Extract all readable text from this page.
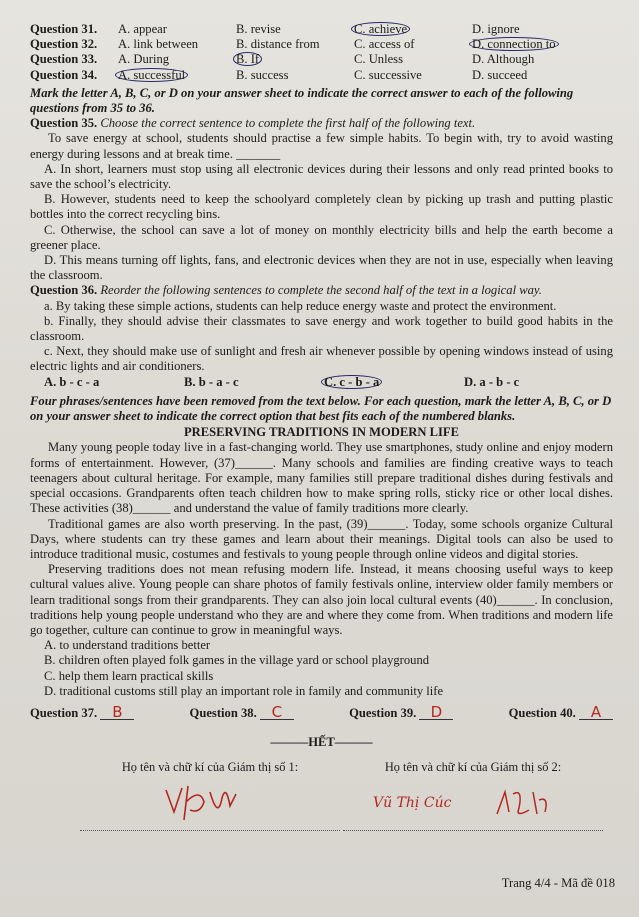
Question 31.	A. appear	B. revise	C. achieve	D. ignore
Question 32.	A. link between	B. distance from	C. access of	D. connection to
Question 33.	A. During	B. If	C. Unless	D. Although
Question 34.	A. successful	B. success	C. successive	D. succeed

Mark the letter A, B, C, or D on your answer sheet to indicate the correct answer to each of the following questions from 35 to 36.

Question 35. Choose the correct sentence to complete the first half of the following text.

To save energy at school, students should practise a few simple habits. To begin with, try to avoid wasting energy during lessons and at break time. _______

A. In short, learners must stop using all electronic devices during their lessons and only read printed books to save the school’s electricity.

B. However, students need to keep the schoolyard completely clean by picking up trash and putting plastic bottles into the correct recycling bins.

C. Otherwise, the school can save a lot of money on monthly electricity bills and help the earth become a greener place.

D. This means turning off lights, fans, and electronic devices when they are not in use, especially when leaving the classroom.

Question 36. Reorder the following sentences to complete the second half of the text in a logical way.

a. By taking these simple actions, students can help reduce energy waste and protect the environment.

b. Finally, they should advise their classmates to save energy and work together to build good habits in the classroom.

c. Next, they should make use of sunlight and fresh air whenever possible by opening windows instead of using electric lights and air conditioners.

A. b - c - a	B. b - a - c	C. c - b - a	D. a - b - c

Four phrases/sentences have been removed from the text below. For each question, mark the letter A, B, C, or D on your answer sheet to indicate the correct option that best fits each of the numbered blanks.

PRESERVING TRADITIONS IN MODERN LIFE

Many young people today live in a fast-changing world. They use smartphones, study online and enjoy modern forms of entertainment. However, (37)______. Many schools and families are finding creative ways to teach teenagers about cultural heritage. For example, many families still prepare traditional dishes during festivals and special occasions. Grandparents often teach children how to make spring rolls, sticky rice or other local dishes. These activities (38)______ and understand the value of family traditions more clearly.

Traditional games are also worth preserving. In the past, (39)______. Today, some schools organize Cultural Days, where students can try these games and learn about their meanings. Digital tools can also be used to introduce traditional music, costumes and festivals to young people through online videos and digital stories.

Preserving traditions does not mean refusing modern life. Instead, it means choosing useful ways to keep cultural values alive. Young people can share photos of family festivals online, interview older family members or learn traditional songs from their grandparents. They can also join local cultural events (40)______. In conclusion, traditions help young people understand who they are and where they come from. When traditions and modern life go together, culture can continue to grow in meaningful ways.

A. to understand traditions better

B. children often played folk games in the village yard or school playground

C. help them learn practical skills

D. traditional customs still play an important role in family and community life

Question 37. B	Question 38. C	Question 39. D	Question 40. A

———HẾT———

Họ tên và chữ kí của Giám thị số 1:	Họ tên và chữ kí của Giám thị số 2:
Vũ Thị Cúc
Trang 4/4 - Mã đề 018
